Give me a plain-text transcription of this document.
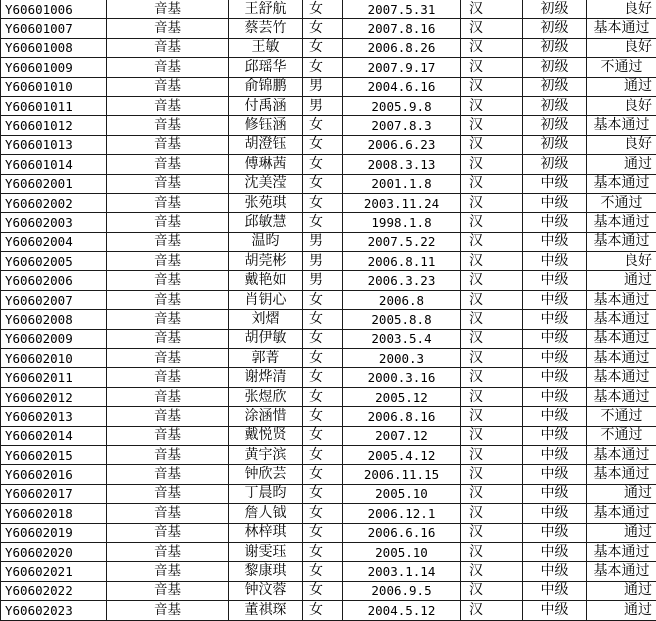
Y60601006	音基	王舒航	女	2007.5.31	汉	初级	良好
Y60601007	音基	蔡芸竹	女	2007.8.16	汉	初级	基本通过
Y60601008	音基	王敏	女	2006.8.26	汉	初级	良好
Y60601009	音基	邱瑶华	女	2007.9.17	汉	初级	不通过
Y60601010	音基	俞锦鹏	男	2004.6.16	汉	初级	通过
Y60601011	音基	付禹涵	男	2005.9.8	汉	初级	良好
Y60601012	音基	修钰涵	女	2007.8.3	汉	初级	基本通过
Y60601013	音基	胡澄钰	女	2006.6.23	汉	初级	良好
Y60601014	音基	傅琳茜	女	2008.3.13	汉	初级	通过
Y60602001	音基	沈美滢	女	2001.1.8	汉	中级	基本通过
Y60602002	音基	张苑琪	女	2003.11.24	汉	中级	不通过
Y60602003	音基	邱敏慧	女	1998.1.8	汉	中级	基本通过
Y60602004	音基	温昀	男	2007.5.22	汉	中级	基本通过
Y60602005	音基	胡莞彬	男	2006.8.11	汉	中级	良好
Y60602006	音基	戴艳如	男	2006.3.23	汉	中级	通过
Y60602007	音基	肖钥心	女	2006.8	汉	中级	基本通过
Y60602008	音基	刘熠	女	2005.8.8	汉	中级	基本通过
Y60602009	音基	胡伊敏	女	2003.5.4	汉	中级	基本通过
Y60602010	音基	郭菁	女	2000.3	汉	中级	基本通过
Y60602011	音基	谢烨清	女	2000.3.16	汉	中级	基本通过
Y60602012	音基	张煜欣	女	2005.12	汉	中级	基本通过
Y60602013	音基	涂涵惜	女	2006.8.16	汉	中级	不通过
Y60602014	音基	戴悦贤	女	2007.12	汉	中级	不通过
Y60602015	音基	黄宇滨	女	2005.4.12	汉	中级	基本通过
Y60602016	音基	钟欣芸	女	2006.11.15	汉	中级	基本通过
Y60602017	音基	丁晨昀	女	2005.10	汉	中级	通过
Y60602018	音基	詹人钺	女	2006.12.1	汉	中级	基本通过
Y60602019	音基	林梓琪	女	2006.6.16	汉	中级	通过
Y60602020	音基	谢雯珏	女	2005.10	汉	中级	基本通过
Y60602021	音基	黎康琪	女	2003.1.14	汉	中级	基本通过
Y60602022	音基	钟汶蓉	女	2006.9.5	汉	中级	通过
Y60602023	音基	董祺琛	女	2004.5.12	汉	中级	通过
